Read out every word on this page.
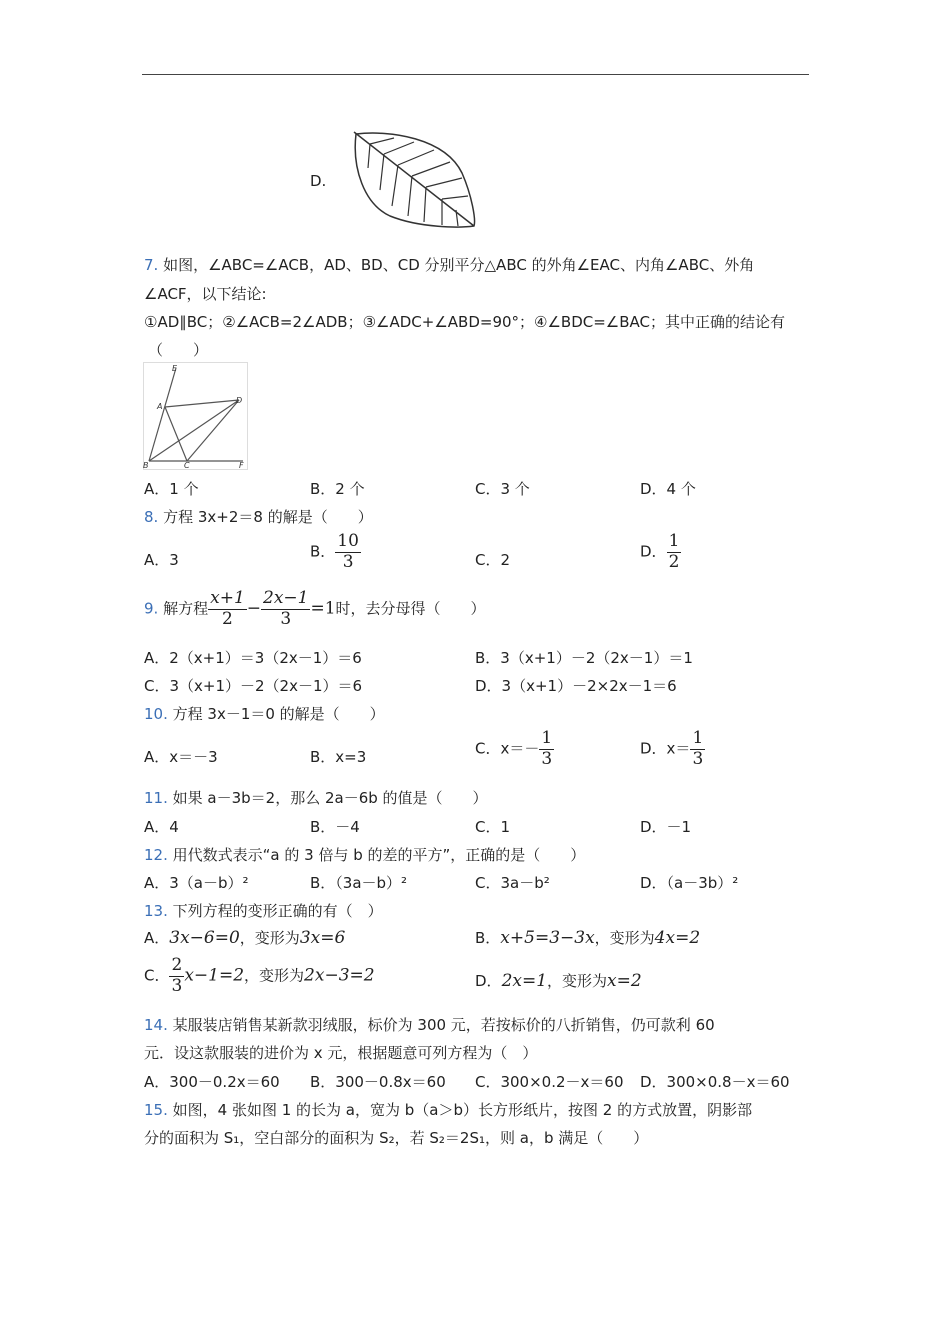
D.
7. 如图，∠ABC=∠ACB，AD、BD、CD 分别平分△ABC 的外角∠EAC、内角∠ABC、外角
∠ACF，以下结论:
①AD∥BC；②∠ACB=2∠ADB；③∠ADC+∠ABD=90°；④∠BDC=∠BAC；其中正确的结论有
（　　）
E
A
D
B	C	F
A．1 个	B．2 个	C．3 个	D．4 个
8. 方程 3x+2＝8 的解是（　　）
A．3	B． $\frac{10}{3}$	C．2	D． $\frac{1}{2}$
9. 解方程 $\frac{x+1}{2} - \frac{2x-1}{3} =1$时，去分母得（　　）
A．2（x+1）＝3（2x－1）＝6	B．3（x+1）－2（2x－1）＝1
C．3（x+1）－2（2x－1）＝6	D．3（x+1）－2×2x－1＝6
10. 方程 3x－1＝0 的解是（　　）
A．x＝－3	B．x=3	C．$x=- \frac{1}{3}$	D．$x= \frac{1}{3}$
11. 如果 a－3b＝2，那么 2a－6b 的值是（　　）
A．4	B．－4	C．1	D．－1
12. 用代数式表示“a 的 3 倍与 b 的差的平方”，正确的是（　　）
A．3（a－b）²	B．（3a－b）²	C．3a－b²	D．（a－3b）²
13. 下列方程的变形正确的有（　）
A．3x−6=0，变形为3x=6	B．x+5=3−3x，变形为4x=2
C． $\frac{2}{3} x-1=2$，变形为2x−3=2	D．2x=1，变形为x=2
14. 某服装店销售某新款羽绒服，标价为 300 元，若按标价的八折销售，仍可款利 60
元．设这款服装的进价为 x 元，根据题意可列方程为（　）
A．300－0.2x＝60 B．300－0.8x＝60 C．300×0.2－x＝60 D．300×0.8－x＝60
15. 如图，4 张如图 1 的长为 a，宽为 b（a＞b）长方形纸片，按图 2 的方式放置，阴影部
分的面积为 S₁，空白部分的面积为 S₂，若 S₂＝2S₁，则 a，b 满足（　　）
